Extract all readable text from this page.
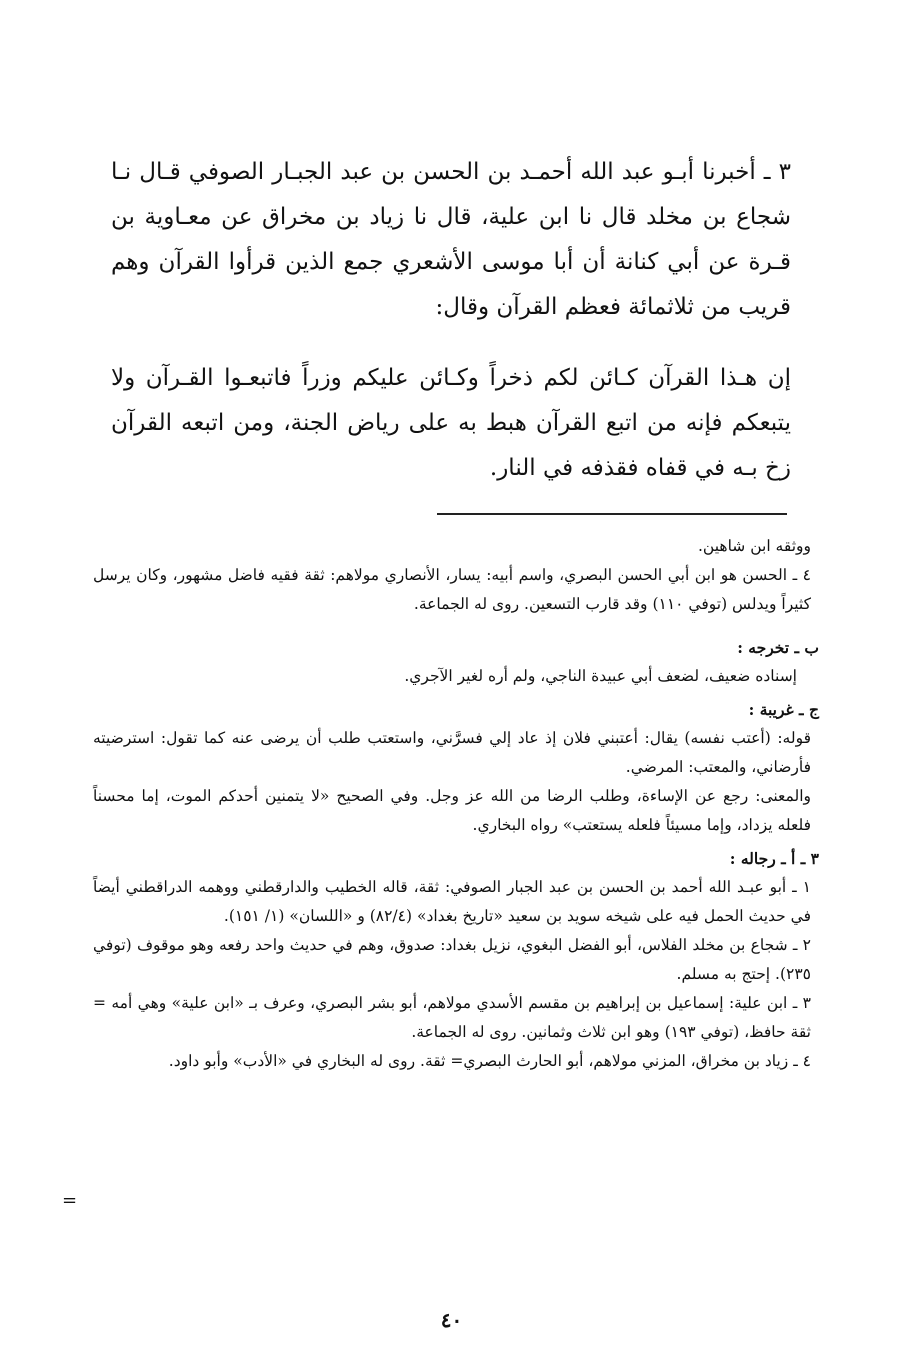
٣ ـ أخبرنا أبـو عبد الله أحمـد بن الحسن بن عبد الجبـار الصوفي قـال نـا شجاع بن مخلد قال نا ابن علية، قال نا زياد بن مخراق عن معـاوية بن قـرة عن أبي كنانة أن أبا موسى الأشعري جمع الذين قرأوا القرآن وهم قريب من ثلاثمائة فعظم القرآن وقال:

إن هـذا القرآن كـائن لكم ذخراً وكـائن عليكم وزراً فاتبعـوا القـرآن ولا يتبعكم فإنه من اتبع القرآن هبط به على رياض الجنة، ومن اتبعه القرآن زخ بـه في قفاه فقذفه في النار.

ووثقه ابن شاهين.

٤ ـ الحسن هو ابن أبي الحسن البصري، واسم أبيه: يسار، الأنصاري مولاهم: ثقة فقيه فاضل مشهور، وكان يرسل كثيراً ويدلس (توفي ١١٠) وقد قارب التسعين. روى له الجماعة.

ب ـ تخرجه :

إسناده ضعيف، لضعف أبي عبيدة الناجي، ولم أره لغير الآجري.

ج ـ غريبة :

قوله: (أعتب نفسه) يقال: أعتبني فلان إذ عاد إلي فسرَّني، واستعتب طلب أن يرضى عنه كما تقول: استرضيته فأرضاني، والمعتب: المرضي.

والمعنى: رجع عن الإساءة، وطلب الرضا من الله عز وجل. وفي الصحيح «لا يتمنين أحدكم الموت، إما محسناً فلعله يزداد، وإما مسيئاً فلعله يستعتب» رواه البخاري.

٣ ـ أ ـ رجاله :

١ ـ أبو عبـد الله أحمد بن الحسن بن عبد الجبار الصوفي: ثقة، قاله الخطيب والدارقطني ووهمه الدراقطني أيضاً في حديث الحمل فيه على شيخه سويد بن سعيد «تاريخ بغداد» (٨٢/٤) و «اللسان» (١/ ١٥١).

٢ ـ شجاع بن مخلد الفلاس، أبو الفضل البغوي، نزيل بغداد: صدوق، وهم في حديث واحد رفعه وهو موقوف (توفي ٢٣٥). إحتج به مسلم.

٣ ـ ابن علية: إسماعيل بن إبراهيم بن مقسم الأسدي مولاهم، أبو بشر البصري، وعرف بـ «ابن علية» وهي أمه = ثقة حافظ، (توفي ١٩٣) وهو ابن ثلاث وثمانين. روى له الجماعة.

٤ ـ زياد بن مخراق، المزني مولاهم، أبو الحارث البصري= ثقة. روى له البخاري في «الأدب» وأبو داود.

=
٤٠
